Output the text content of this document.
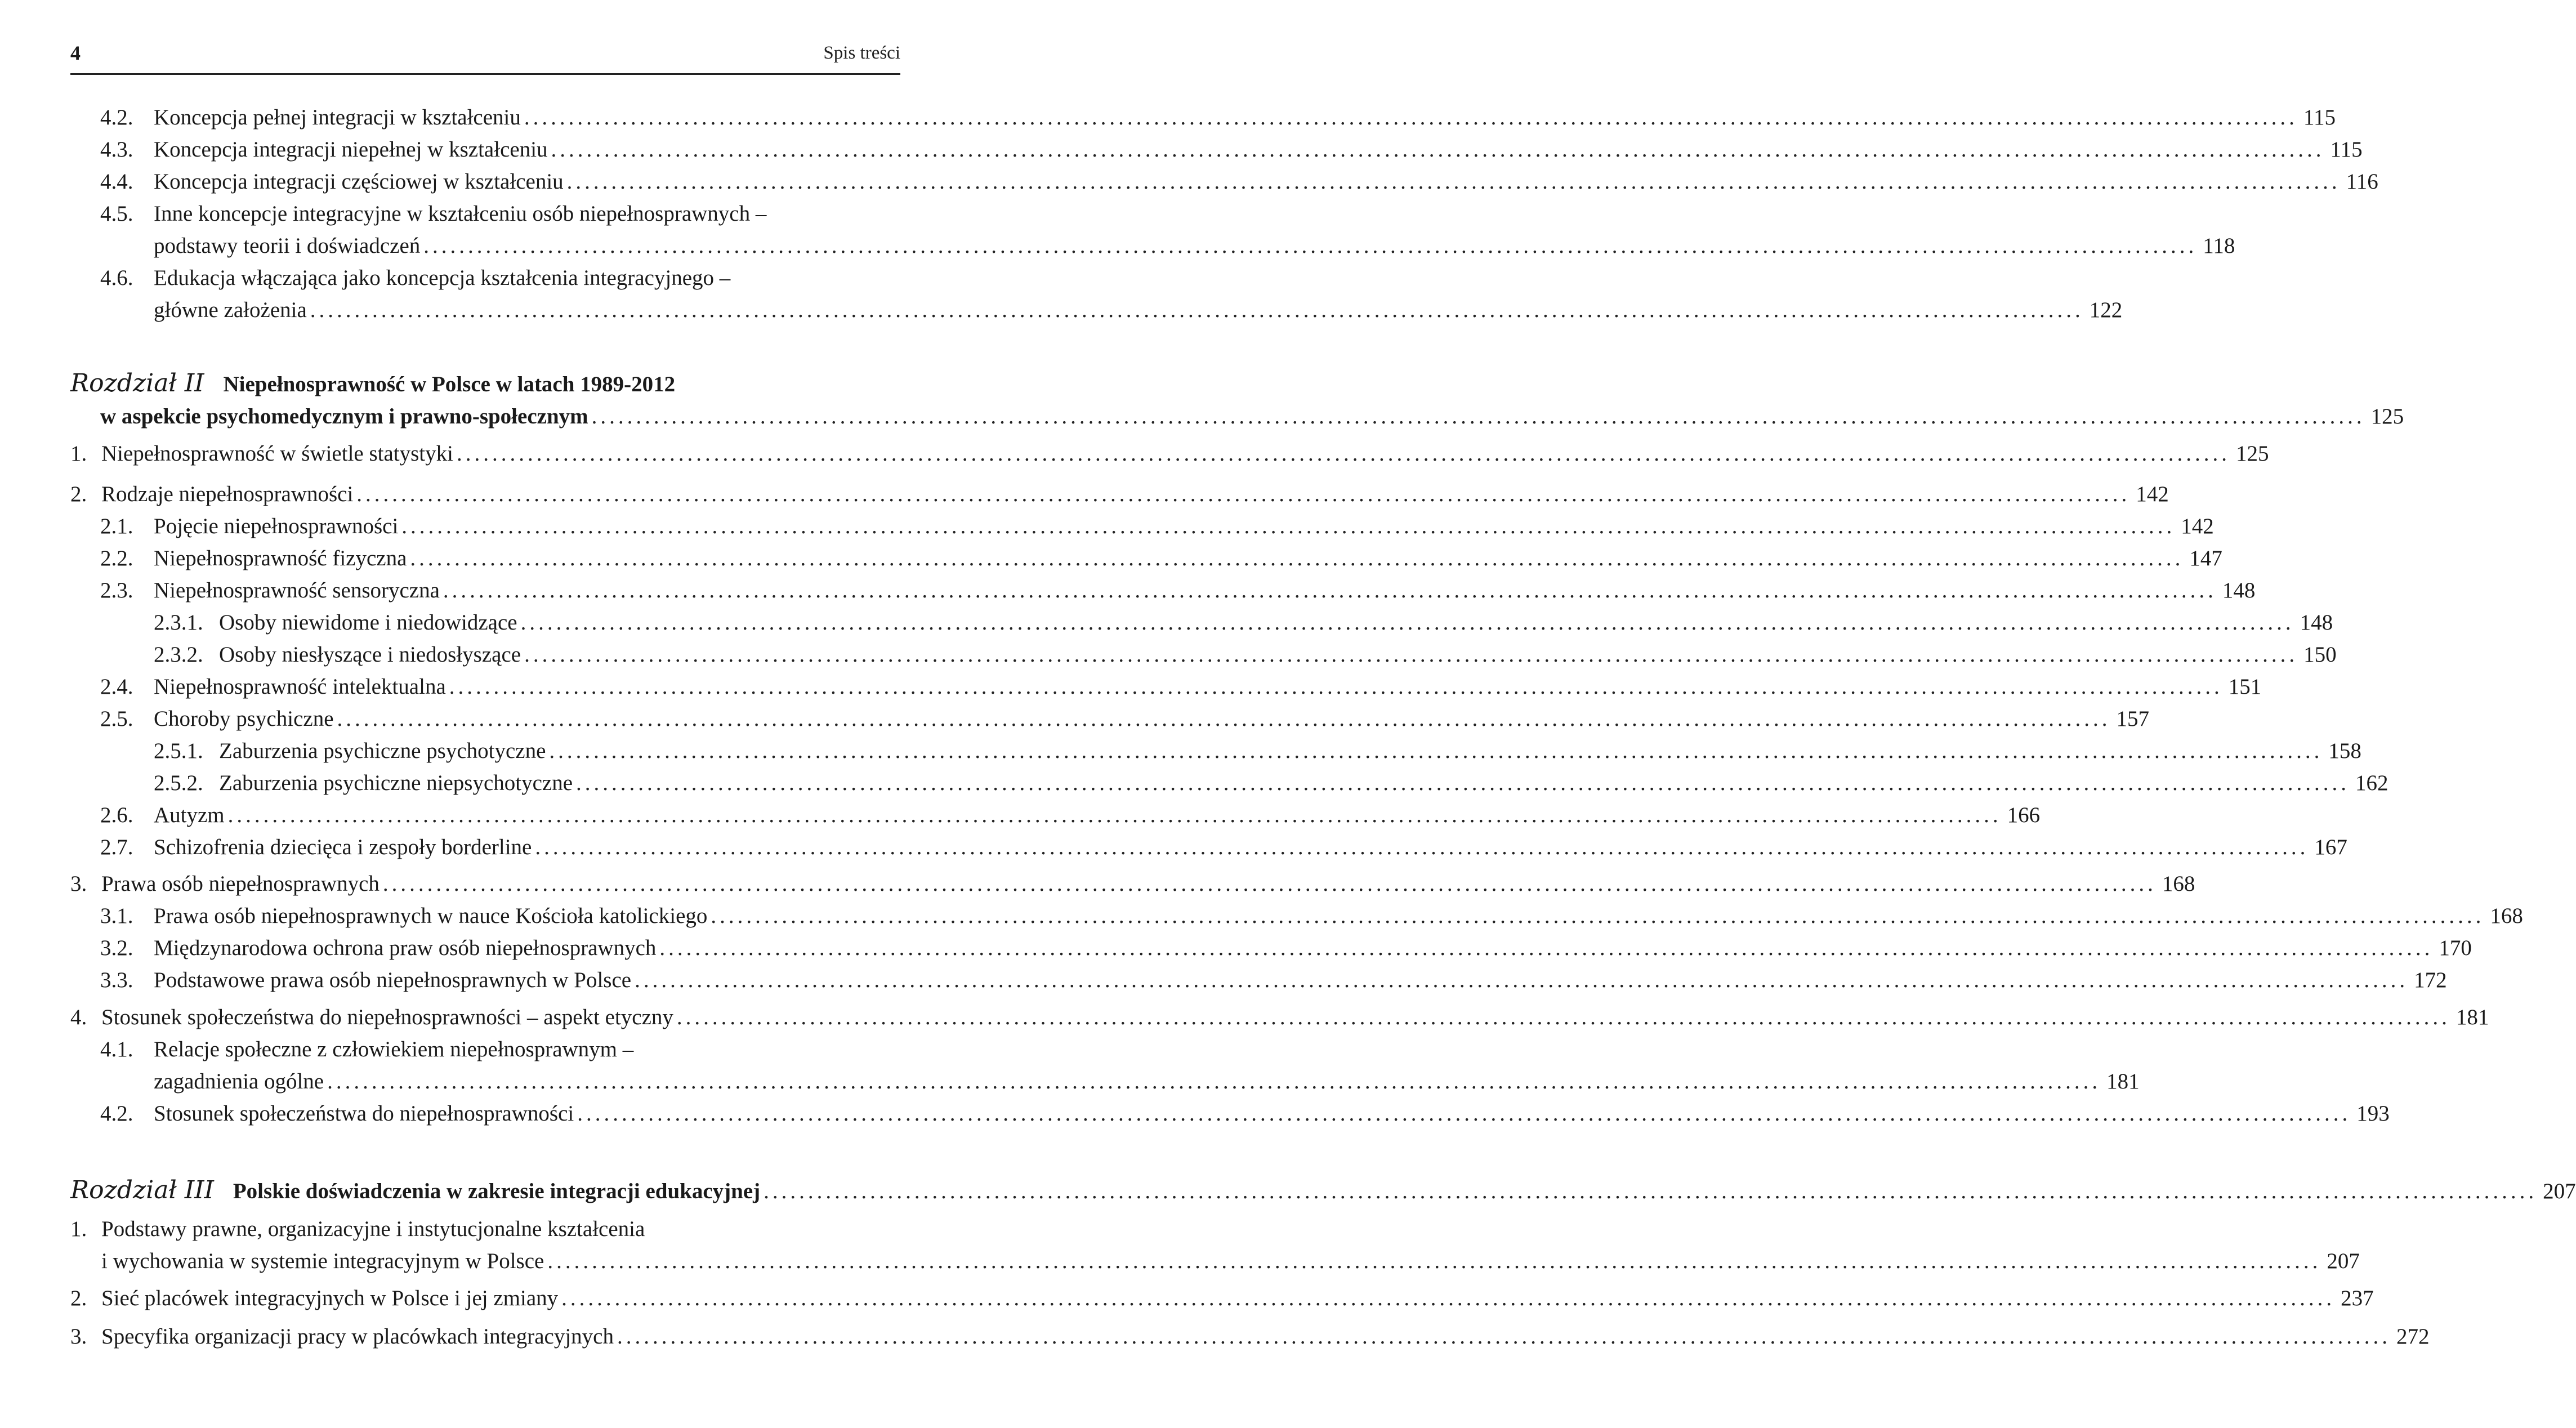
4	Spis treści
4.2. Koncepcja pełnej integracji w kształceniu ........................................................................................................................................................................................................ 115
4.3. Koncepcja integracji niepełnej w kształceniu ........................................................................................................................................................................................................ 115
4.4. Koncepcja integracji częściowej w kształceniu ........................................................................................................................................................................................................ 116
4.5. Inne koncepcje integracyjne w kształceniu osób niepełnosprawnych –
podstawy teorii i doświadczeń ........................................................................................................................................................................................................ 118
4.6. Edukacja włączająca jako koncepcja kształcenia integracyjnego –
główne założenia ........................................................................................................................................................................................................ 122
Rozdział II Niepełnosprawność w Polsce w latach 1989-2012
w aspekcie psychomedycznym i prawno-społecznym ........................................................................................................................................................................................................ 125
1. Niepełnosprawność w świetle statystyki ........................................................................................................................................................................................................ 125
2. Rodzaje niepełnosprawności ........................................................................................................................................................................................................ 142
2.1. Pojęcie niepełnosprawności ........................................................................................................................................................................................................ 142
2.2. Niepełnosprawność fizyczna ........................................................................................................................................................................................................ 147
2.3. Niepełnosprawność sensoryczna ........................................................................................................................................................................................................ 148
2.3.1. Osoby niewidome i niedowidzące ........................................................................................................................................................................................................ 148
2.3.2. Osoby niesłyszące i niedosłyszące ........................................................................................................................................................................................................ 150
2.4. Niepełnosprawność intelektualna ........................................................................................................................................................................................................ 151
2.5. Choroby psychiczne ........................................................................................................................................................................................................ 157
2.5.1. Zaburzenia psychiczne psychotyczne ........................................................................................................................................................................................................ 158
2.5.2. Zaburzenia psychiczne niepsychotyczne ........................................................................................................................................................................................................ 162
2.6. Autyzm ........................................................................................................................................................................................................ 166
2.7. Schizofrenia dziecięca i zespoły borderline ........................................................................................................................................................................................................ 167
3. Prawa osób niepełnosprawnych ........................................................................................................................................................................................................ 168
3.1. Prawa osób niepełnosprawnych w nauce Kościoła katolickiego ........................................................................................................................................................................................................ 168
3.2. Międzynarodowa ochrona praw osób niepełnosprawnych ........................................................................................................................................................................................................ 170
3.3. Podstawowe prawa osób niepełnosprawnych w Polsce ........................................................................................................................................................................................................ 172
4. Stosunek społeczeństwa do niepełnosprawności – aspekt etyczny ........................................................................................................................................................................................................ 181
4.1. Relacje społeczne z człowiekiem niepełnosprawnym –
zagadnienia ogólne ........................................................................................................................................................................................................ 181
4.2. Stosunek społeczeństwa do niepełnosprawności ........................................................................................................................................................................................................ 193
Rozdział III Polskie doświadczenia w zakresie integracji edukacyjnej ........................................................................................................................................................................................................ 207
1. Podstawy prawne, organizacyjne i instytucjonalne kształcenia
i wychowania w systemie integracyjnym w Polsce ........................................................................................................................................................................................................ 207
2. Sieć placówek integracyjnych w Polsce i jej zmiany ........................................................................................................................................................................................................ 237
3. Specyfika organizacji pracy w placówkach integracyjnych ........................................................................................................................................................................................................ 272
